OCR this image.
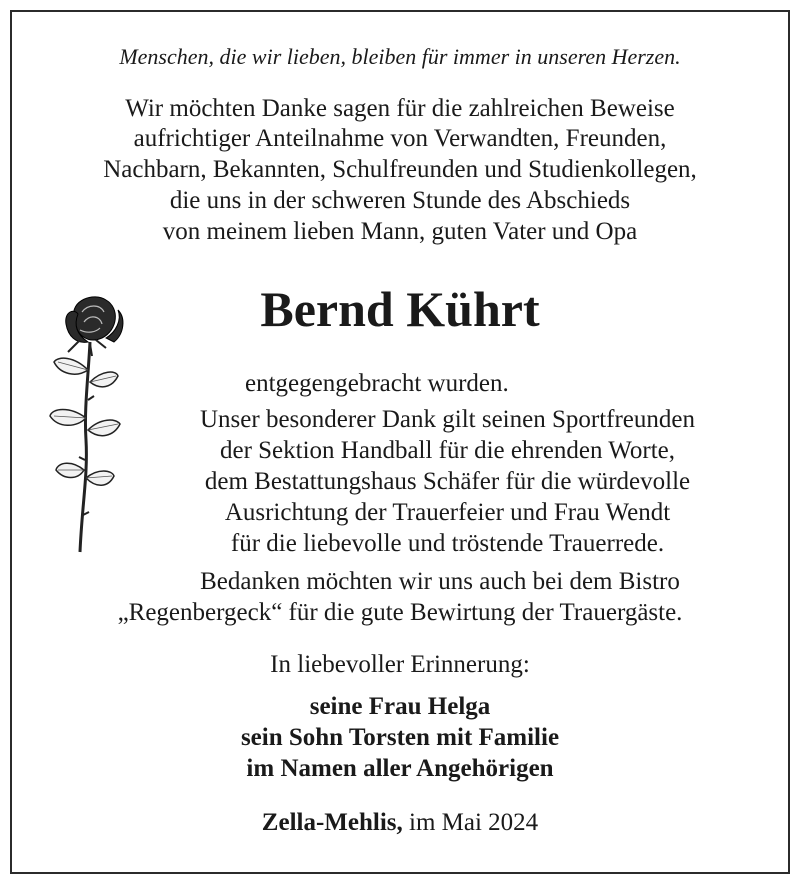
Menschen, die wir lieben, bleiben für immer in unseren Herzen.
Wir möchten Danke sagen für die zahlreichen Beweise
aufrichtiger Anteilnahme von Verwandten, Freunden,
Nachbarn, Bekannten, Schulfreunden und Studienkollegen,
die uns in der schweren Stunde des Abschieds
von meinem lieben Mann, guten Vater und Opa
Bernd Kührt
entgegengebracht wurden.
Unser besonderer Dank gilt seinen Sportfreunden
der Sektion Handball für die ehrenden Worte,
dem Bestattungshaus Schäfer für die würdevolle
Ausrichtung der Trauerfeier und Frau Wendt
für die liebevolle und tröstende Trauerrede.
Bedanken möchten wir uns auch bei dem Bistro
„Regenbergeck“ für die gute Bewirtung der Trauergäste.
In liebevoller Erinnerung:
seine Frau Helga
sein Sohn Torsten mit Familie
im Namen aller Angehörigen
Zella-Mehlis, im Mai 2024
